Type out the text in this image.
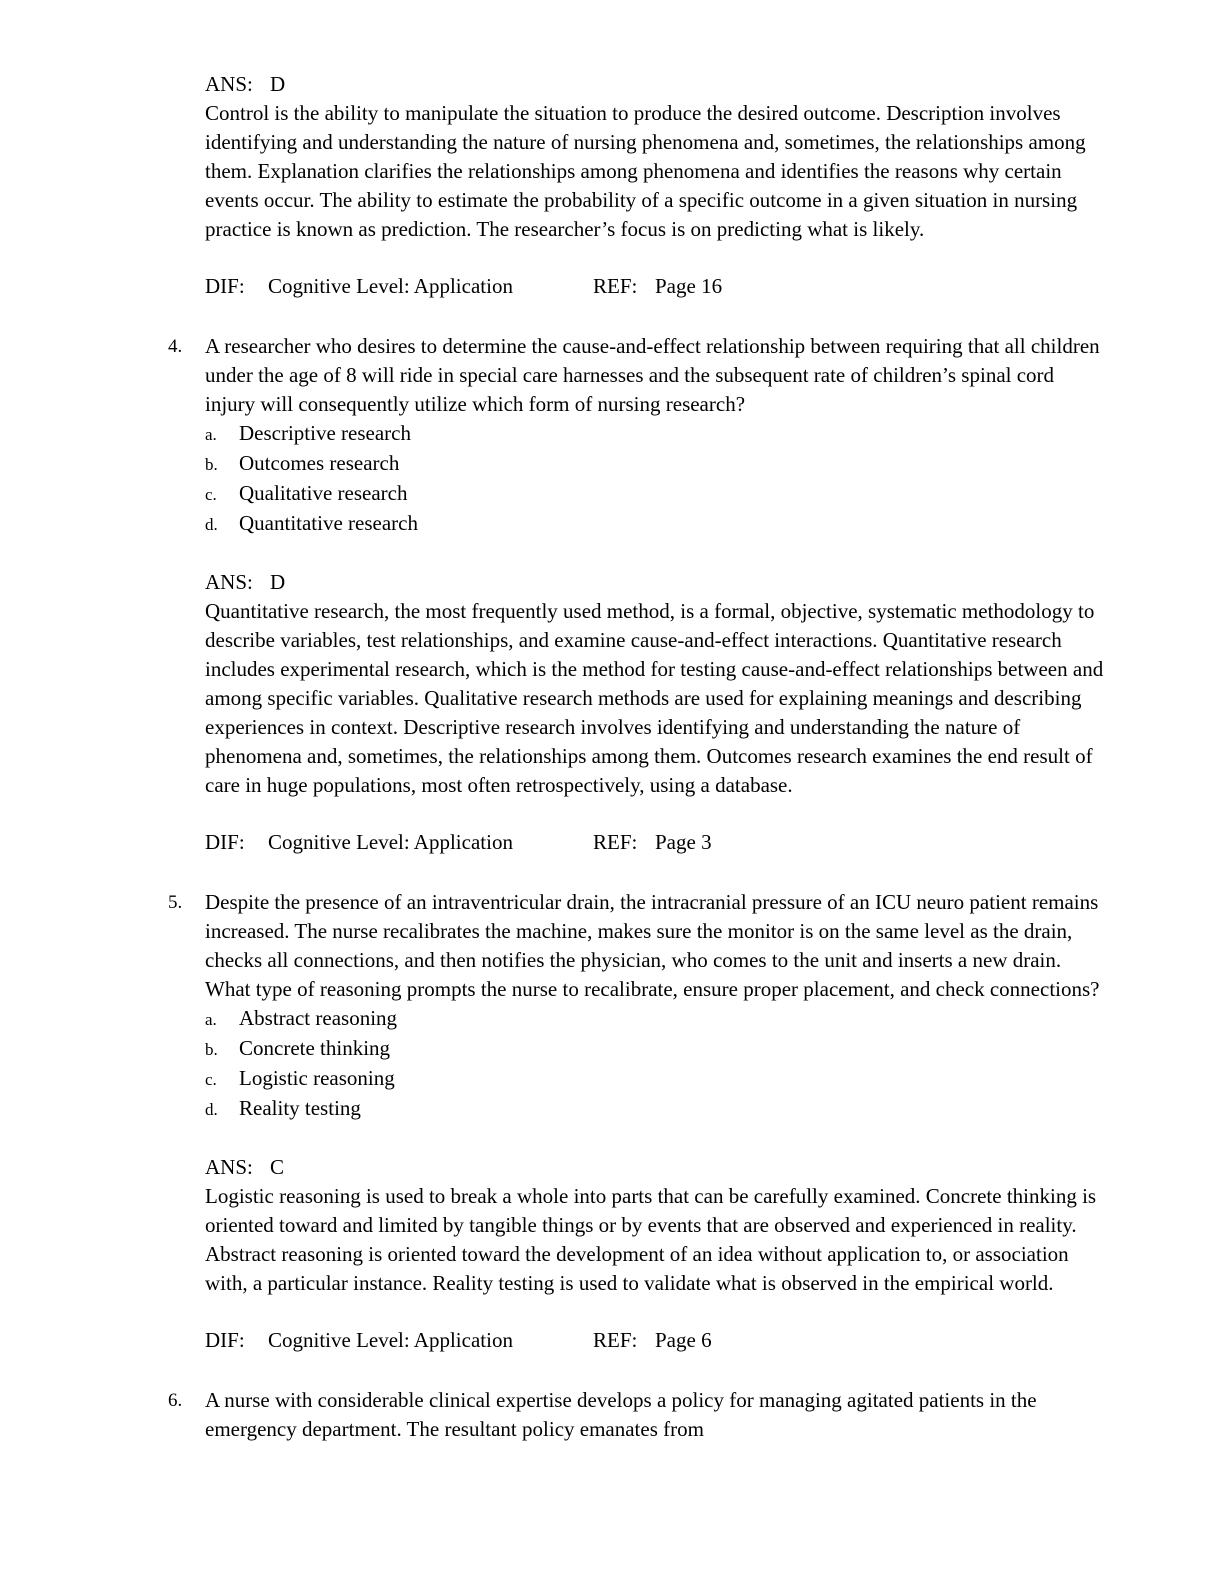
ANS: D

Control is the ability to manipulate the situation to produce the desired outcome. Description involves identifying and understanding the nature of nursing phenomena and, sometimes, the relationships among them. Explanation clarifies the relationships among phenomena and identifies the reasons why certain events occur. The ability to estimate the probability of a specific outcome in a given situation in nursing practice is known as prediction. The researcher’s focus is on predicting what is likely.

DIF: Cognitive Level: Application	REF: Page 16
4.	A researcher who desires to determine the cause-and-effect relationship between requiring that all children under the age of 8 will ride in special care harnesses and the subsequent rate of children’s spinal cord injury will consequently utilize which form of nursing research?

a.	Descriptive research
b.	Outcomes research
c.	Qualitative research
d.	Quantitative research
ANS: D

Quantitative research, the most frequently used method, is a formal, objective, systematic methodology to describe variables, test relationships, and examine cause-and-effect interactions. Quantitative research includes experimental research, which is the method for testing cause-and-effect relationships between and among specific variables. Qualitative research methods are used for explaining meanings and describing experiences in context. Descriptive research involves identifying and understanding the nature of phenomena and, sometimes, the relationships among them. Outcomes research examines the end result of care in huge populations, most often retrospectively, using a database.

DIF: Cognitive Level: Application	REF: Page 3
5.	Despite the presence of an intraventricular drain, the intracranial pressure of an ICU neuro patient remains increased. The nurse recalibrates the machine, makes sure the monitor is on the same level as the drain, checks all connections, and then notifies the physician, who comes to the unit and inserts a new drain. What type of reasoning prompts the nurse to recalibrate, ensure proper placement, and check connections?

a.	Abstract reasoning
b.	Concrete thinking
c.	Logistic reasoning
d.	Reality testing
ANS: C

Logistic reasoning is used to break a whole into parts that can be carefully examined. Concrete thinking is oriented toward and limited by tangible things or by events that are observed and experienced in reality. Abstract reasoning is oriented toward the development of an idea without application to, or association with, a particular instance. Reality testing is used to validate what is observed in the empirical world.

DIF: Cognitive Level: Application	REF: Page 6
6.	A nurse with considerable clinical expertise develops a policy for managing agitated patients in the emergency department. The resultant policy emanates from
